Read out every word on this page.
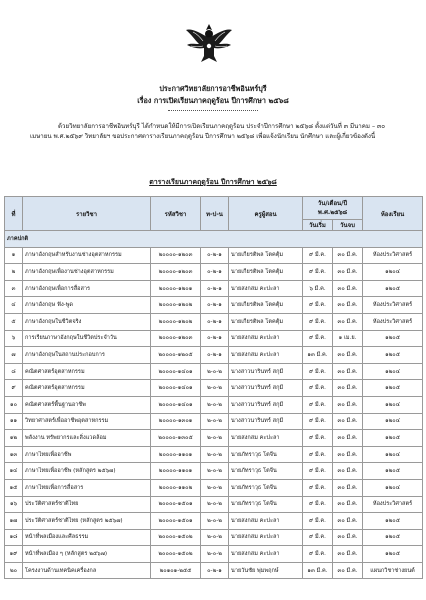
ประกาศวิทยาลัยการอาชีพอินทร์บุรี
เรื่อง การเปิดเรียนภาคฤดูร้อน ปีการศึกษา ๒๕๖๘
ด้วยวิทยาลัยการอาชีพอินทร์บุรี ได้กำหนดให้มีการเปิดเรียนภาคฤดูร้อน ประจำปีการศึกษา ๒๕๖๘ ตั้งแต่วันที่ ๓ มีนาคม – ๓๐ เมษายน พ.ศ.๒๕๖๙ วิทยาลัยฯ ขอประกาศตารางเรียนภาคฤดูร้อน ปีการศึกษา ๒๕๖๘ เพื่อแจ้งนักเรียน นักศึกษา และผู้เกี่ยวข้องดังนี้
ตารางเรียนภาคฤดูร้อน ปีการศึกษา ๒๕๖๘
ที่	รายวิชา	รหัสวิชา	ท-ป-น	ครูผู้สอน	วัน/เดือน/ปี
พ.ศ.๒๕๖๘		ห้องเรียน
					วันเริ่ม	วันจบ	
ภาคปกติ							
๑	ภาษาอังกฤษสำหรับงานช่างอุตสาหกรรม	๒๐๐๐๐-๑๒๐๓	๐-๒-๑	นายเกียรติพล โตคตุ้ม	๙ มี.ค.	๓๐ มี.ค.	ห้องประวิศาสตร์
๒	ภาษาอังกฤษเพื่องานช่างอุตสาหกรรม	๒๐๐๐๐-๑๒๐๓	๐-๒-๑	นายเกียรติพล โตคตุ้ม	๙ มี.ค.	๓๐ มี.ค.	๑๒๐๔
๓	ภาษาอังกฤษเพื่อการสื่อสาร	๒๐๐๐๐-๑๒๐๑	๐-๒-๑	นายสงกสม คะปะลา	๖ มี.ค.	๓๐ มี.ค.	๑๒๐๕
๔	ภาษาอังกฤษ ฟัง-พูด	๒๐๐๐๐-๑๒๐๒	๐-๒-๑	นายเกียรติพล โตคตุ้ม	๙ มี.ค.	๓๐ มี.ค.	ห้องประวิศาสตร์
๕	ภาษาอังกฤษในชีวิตจริง	๒๐๐๐๐-๑๒๐๒	๐-๒-๑	นายเกียรติพล โตคตุ้ม	๙ มี.ค.	๓๐ มี.ค.	ห้องประวิศาสตร์
๖	การเรียนภาษาอังกฤษในชีวิตประจำวัน	๒๐๐๐๐-๑๒๐๓	๐-๒-๑	นายสงกสม คะปะลา	๙ มี.ค.	๑ เม.ย.	๑๒๐๕
๗	ภาษาอังกฤษในสถานประกอบการ	๒๐๐๐๐-๑๒๐๕	๐-๒-๑	นายสงกสม คะปะลา	๑๓ มี.ค.	๓๐ มี.ค.	๑๒๐๕
๘	คณิตศาสตร์อุตสาหกรรม	๒๐๐๐๐-๑๔๐๑	๒-๐-๒	นางสาวนารินทร์ สกุมี	๙ มี.ค.	๓๐ มี.ค.	๑๒๐๔
๙	คณิตศาสตร์อุตสาหกรรม	๒๐๐๐๐-๑๔๐๑	๒-๐-๒	นางสาวนารินทร์ สกุมี	๙ มี.ค.	๓๐ มี.ค.	๑๒๐๕
๑๐	คณิตศาสตร์พื้นฐานอาชีพ	๒๐๐๐๐-๑๔๐๑	๒-๐-๒	นางสาวนารินทร์ สกุมี	๙ มี.ค.	๓๐ มี.ค.	๑๒๐๔
๑๑	วิทยาศาสตร์เพื่ออาชีพอุตสาหกรรม	๒๐๐๐๐-๑๓๐๑	๒-๐-๒	นางสาวนารินทร์ สกุมี	๙ มี.ค.	๓๐ มี.ค.	๑๒๐๔
๑๒	พลังงาน ทรัพยากรและสิ่งแวดล้อม	๒๐๐๐๐-๑๓๐๕	๒-๐-๒	นายสงกสม คะปะลา	๙ มี.ค.	๓๐ มี.ค.	๑๒๐๕
๑๓	ภาษาไทยเพื่ออาชีพ	๒๐๐๐๐-๑๑๐๑	๒-๐-๒	นายภัทราวุธ โตจีน	๙ มี.ค.	๓๐ มี.ค.	๑๒๐๔
๑๔	ภาษาไทยเพื่ออาชีพ (หลักสูตร ๒๕๖๗)	๒๐๐๐๐-๑๑๐๑	๒-๐-๒	นายภัทราวุธ โตจีน	๙ มี.ค.	๓๐ มี.ค.	๑๒๐๕
๑๕	ภาษาไทยเพื่อการสื่อสาร	๒๐๐๐๐-๑๑๐๒	๒-๐-๒	นายภัทราวุธ โตจีน	๙ มี.ค.	๓๐ มี.ค.	๑๒๐๔
๑๖	ประวัติศาสตร์ชาติไทย	๒๐๐๐๐-๑๕๐๑	๒-๐-๒	นายภัทราวุธ โตจีน	๙ มี.ค.	๓๐ มี.ค.	ห้องประวิศาสตร์
๑๗	ประวัติศาสตร์ชาติไทย (หลักสูตร ๒๕๖๗)	๒๐๐๐๐-๑๕๐๑	๒-๐-๒	นายสงกสม คะปะลา	๙ มี.ค.	๓๐ มี.ค.	๑๒๐๕
๑๘	หน้าที่พลเมืองและศีลธรรม	๒๐๐๐๐-๑๕๐๒	๒-๐-๒	นายสงกสม คะปะลา	๙ มี.ค.	๓๐ มี.ค.	๑๒๐๕
๑๙	หน้าที่พลเมือง ๆ (หลักสูตร ๒๕๖๗)	๒๐๐๐๐-๑๕๐๒	๒-๐-๒	นายสงกสม คะปะลา	๙ มี.ค.	๓๐ มี.ค.	๑๒๐๕
๒๐	โครงงานด้านเทคนิคเครื่องกล	๒๐๑๐๑-๒๕๕	๐-๒-๑	นายวันชัย พุ่มพฤกษ์	๑๓ มี.ค.	๓๐ มี.ค.	แผนกวิชาช่างยนต์
